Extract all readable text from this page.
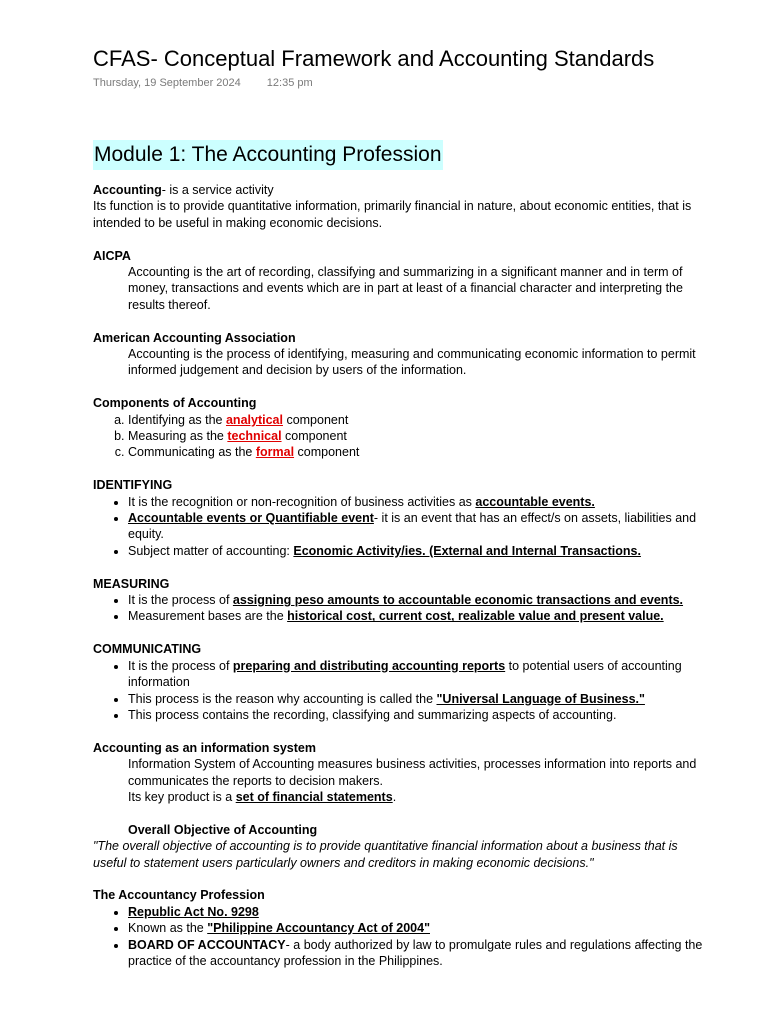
CFAS- Conceptual Framework and Accounting Standards
Thursday, 19 September 2024 12:35 pm
Module 1: The Accounting Profession

Accounting- is a service activity

Its function is to provide quantitative information, primarily financial in nature, about economic entities, that is intended to be useful in making economic decisions.

AICPA

Accounting is the art of recording, classifying and summarizing in a significant manner and in term of money, transactions and events which are in part at least of a financial character and interpreting the results thereof.

American Accounting Association

Accounting is the process of identifying, measuring and communicating economic information to permit informed judgement and decision by users of the information.

Components of Accounting

a. Identifying as the analytical component
b. Measuring as the technical component
c. Communicating as the formal component

IDENTIFYING

• It is the recognition or non-recognition of business activities as accountable events.
• Accountable events or Quantifiable event- it is an event that has an effect/s on assets, liabilities and equity.
• Subject matter of accounting: Economic Activity/ies. (External and Internal Transactions.

MEASURING

• It is the process of assigning peso amounts to accountable economic transactions and events.
• Measurement bases are the historical cost, current cost, realizable value and present value.

COMMUNICATING

• It is the process of preparing and distributing accounting reports to potential users of accounting information
• This process is the reason why accounting is called the "Universal Language of Business."
• This process contains the recording, classifying and summarizing aspects of accounting.

Accounting as an information system

Information System of Accounting measures business activities, processes information into reports and communicates the reports to decision makers.

Its key product is a set of financial statements.

Overall Objective of Accounting

"The overall objective of accounting is to provide quantitative financial information about a business that is useful to statement users particularly owners and creditors in making economic decisions."

The Accountancy Profession

• Republic Act No. 9298
• Known as the "Philippine Accountancy Act of 2004"
• BOARD OF ACCOUNTACY- a body authorized by law to promulgate rules and regulations affecting the practice of the accountancy profession in the Philippines.
